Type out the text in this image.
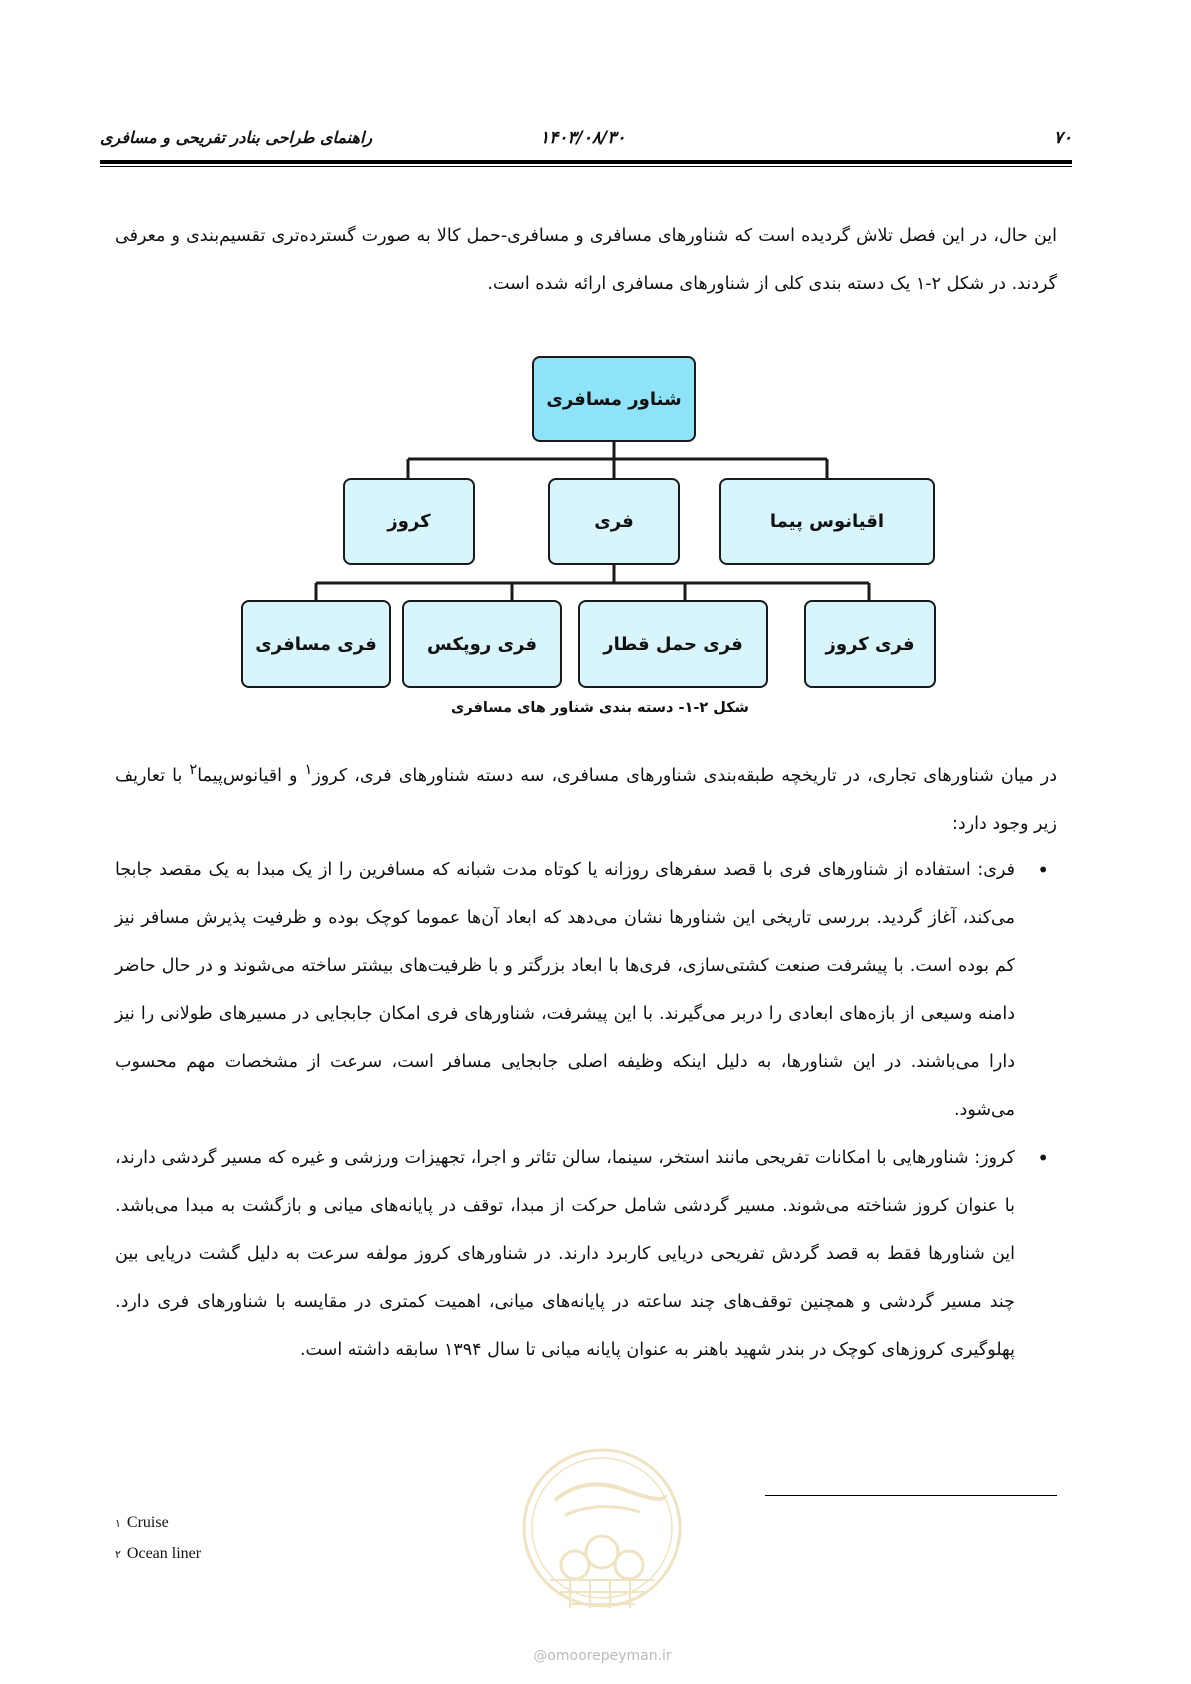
۷۰
۱۴۰۳/۰۸/۳۰
راهنمای طراحی بنادر تفریحی و مسافری
این حال، در این فصل تلاش گردیده است که شناورهای مسافری و مسافری-حمل کالا به صورت گسترده‌تری تقسیم‌بندی و معرفی گردند. در شکل ۲-۱ یک دسته بندی کلی از شناورهای مسافری ارائه شده است.
شناور مسافری
اقیانوس پیما
فری
کروز
فری کروز
فری حمل قطار
فری روپکس
فری مسافری
شکل ۲-۱- دسته بندی شناور های مسافری
در میان شناورهای تجاری، در تاریخچه طبقه‌بندی شناورهای مسافری، سه دسته شناورهای فری، کروز$^۱$ و اقیانوس‌پیما$^۲$ با تعاریف زیر وجود دارد:
•
فری: استفاده از شناورهای فری با قصد سفرهای روزانه یا کوتاه مدت شبانه که مسافرین را از یک مبدا به یک مقصد جابجا می‌کند، آغاز گردید. بررسی تاریخی این شناورها نشان می‌دهد که ابعاد آن‌ها عموما کوچک بوده و ظرفیت پذیرش مسافر نیز کم بوده است. با پیشرفت صنعت کشتی‌سازی، فری‌ها با ابعاد بزرگتر و با ظرفیت‌های بیشتر ساخته می‌شوند و در حال حاضر دامنه وسیعی از بازه‌های ابعادی را دربر می‌گیرند. با این پیشرفت، شناورهای فری امکان جابجایی در مسیرهای طولانی را نیز دارا می‌باشند. در این شناورها، به دلیل اینکه وظیفه اصلی جابجایی مسافر است، سرعت از مشخصات مهم محسوب می‌شود.
•
کروز: شناورهایی با امکانات تفریحی مانند استخر، سینما، سالن تئاتر و اجرا، تجهیزات ورزشی و غیره که مسیر گردشی دارند، با عنوان کروز شناخته می‌شوند. مسیر گردشی شامل حرکت از مبدا، توقف در پایانه‌های میانی و بازگشت به مبدا می‌باشد. این شناورها فقط به قصد گردش تفریحی دریایی کاربرد دارند. در شناورهای کروز مولفه سرعت به دلیل گشت دریایی بین چند مسیر گردشی و همچنین توقف‌های چند ساعته در پایانه‌های میانی، اهمیت کمتری در مقایسه با شناورهای فری دارد. پهلوگیری کروزهای کوچک در بندر شهید باهنر به عنوان پایانه میانی تا سال ۱۳۹۴ سابقه داشته است.
۱ Cruise
۲ Ocean liner
@omoorepeyman.ir
